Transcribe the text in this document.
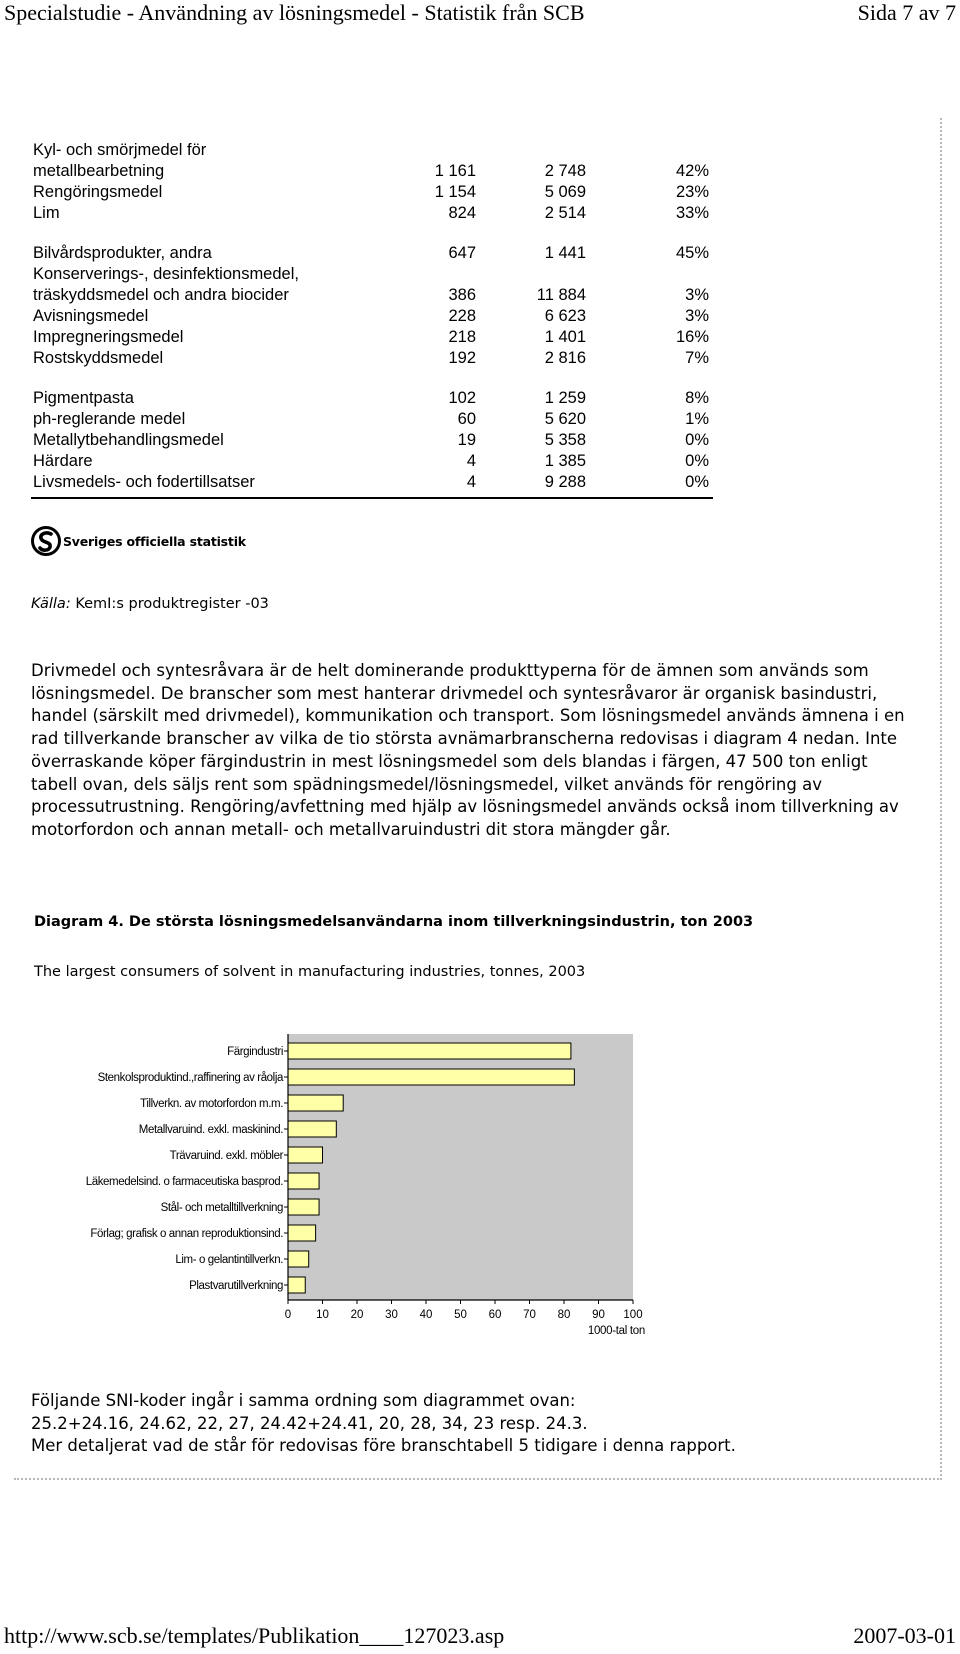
Specialstudie - Användning av lösningsmedel - Statistik från SCB	Sida 7 av 7
Kyl- och smörjmedel för
metallbearbetning	1 161	2 748	42%
Rengöringsmedel	1 154	5 069	23%
Lim	824	2 514	33%
Bilvårdsprodukter, andra	647	1 441	45%
Konserverings-, desinfektionsmedel,
träskyddsmedel och andra biocider	386	11 884	3%
Avisningsmedel	228	6 623	3%
Impregneringsmedel	218	1 401	16%
Rostskyddsmedel	192	2 816	7%
Pigmentpasta	102	1 259	8%
ph-reglerande medel	60	5 620	1%
Metallytbehandlingsmedel	19	5 358	0%
Härdare	4	1 385	0%
Livsmedels- och fodertillsatser	4	9 288	0%
Sveriges officiella statistik
Källa: KemI:s produktregister -03

Drivmedel och syntesråvara är de helt dominerande produkttyperna för de ämnen som används som lösningsmedel. De branscher som mest hanterar drivmedel och syntesråvaror är organisk basindustri, handel (särskilt med drivmedel), kommunikation och transport. Som lösningsmedel används ämnena i en rad tillverkande branscher av vilka de tio största avnämarbranscherna redovisas i diagram 4 nedan. Inte överraskande köper färgindustrin in mest lösningsmedel som dels blandas i färgen, 47 500 ton enligt tabell ovan, dels säljs rent som spädningsmedel/lösningsmedel, vilket används för rengöring av processutrustning. Rengöring/avfettning med hjälp av lösningsmedel används också inom tillverkning av motorfordon och annan metall- och metallvaruindustri dit stora mängder går.

Diagram 4. De största lösningsmedelsanvändarna inom tillverkningsindustrin, ton 2003
The largest consumers of solvent in manufacturing industries, tonnes, 2003
Färgindustri
Stenkolsproduktind.,raffinering av råolja
Tillverkn. av motorfordon m.m.
Metallvaruind. exkl. maskinind.
Trävaruind. exkl. möbler
Läkemedelsind. o farmaceutiska basprod.
Stål- och metalltillverkning
Förlag; grafisk o annan reproduktionsind.
Lim- o gelantintillverkn.
Plastvarutillverkning
0 10 20 30 40 50 60 70 80 90 100
1000-tal ton
Följande SNI-koder ingår i samma ordning som diagrammet ovan:
25.2+24.16, 24.62, 22, 27, 24.42+24.41, 20, 28, 34, 23 resp. 24.3.
Mer detaljerat vad de står för redovisas före branschtabell 5 tidigare i denna rapport.
http://www.scb.se/templates/Publikation____127023.asp	2007-03-01
